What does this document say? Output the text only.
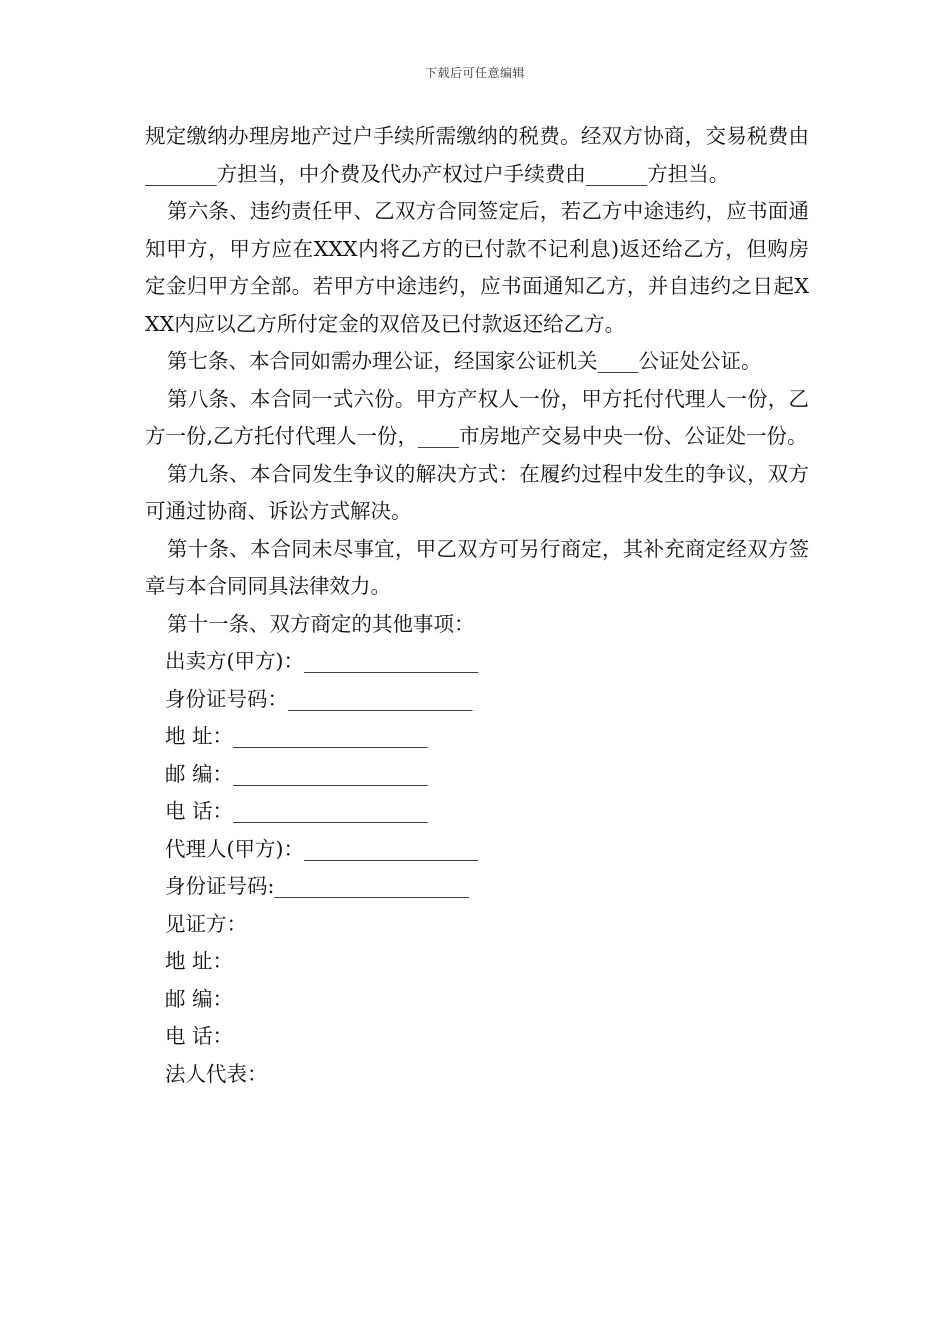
下载后可任意编辑

规定缴纳办理房地产过户手续所需缴纳的税费。经双方协商，交易税费由_______方担当，中介费及代办产权过户手续费由______方担当。

第六条、违约责任甲、乙双方合同签定后，若乙方中途违约，应书面通知甲方，甲方应在XXX内将乙方的已付款不记利息)返还给乙方，但购房定金归甲方全部。若甲方中途违约，应书面通知乙方，并自违约之日起XXX内应以乙方所付定金的双倍及已付款返还给乙方。

第七条、本合同如需办理公证，经国家公证机关____公证处公证。

第八条、本合同一式六份。甲方产权人一份，甲方托付代理人一份，乙方一份,乙方托付代理人一份，____市房地产交易中央一份、公证处一份。

第九条、本合同发生争议的解决方式：在履约过程中发生的争议，双方可通过协商、诉讼方式解决。

第十条、本合同未尽事宜，甲乙双方可另行商定，其补充商定经双方签章与本合同同具法律效力。

第十一条、双方商定的其他事项：

出卖方(甲方)：_________________

身份证号码：__________________

地 址：___________________

邮 编：___________________

电 话：___________________

代理人(甲方)：_________________

身份证号码:___________________

见证方：

地 址：

邮 编：

电 话：

法人代表：
